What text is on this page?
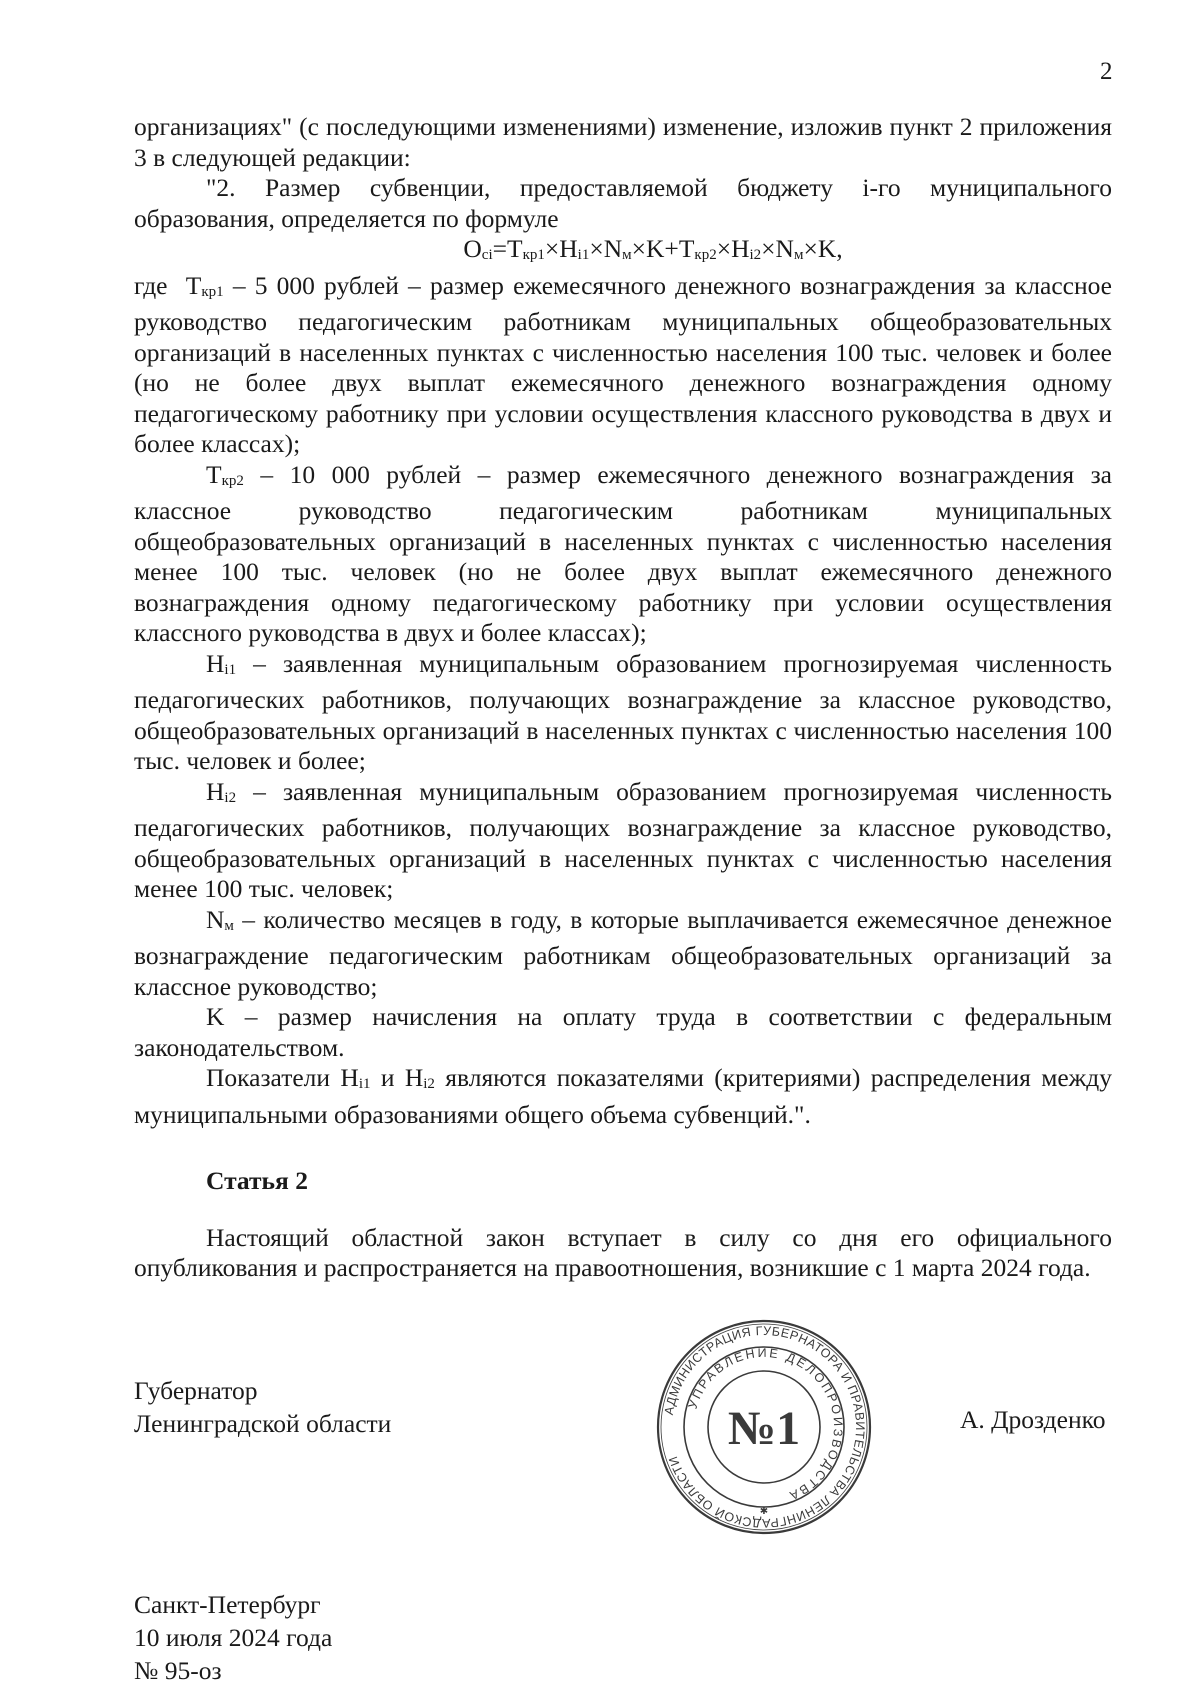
2

организациях" (с последующими изменениями) изменение, изложив пункт 2 приложения 3 в следующей редакции:

"2. Размер субвенции, предоставляемой бюджету i-го муниципального образования, определяется по формуле

Oci=Tкр1×Hi1×Nм×K+Tкр2×Hi2×Nм×K,

где  Tкр1 – 5 000 рублей – размер ежемесячного денежного вознаграждения за классное руководство педагогическим работникам муниципальных общеобразовательных организаций в населенных пунктах с численностью населения 100 тыс. человек и более (но не более двух выплат ежемесячного денежного вознаграждения одному педагогическому работнику при условии осуществления классного руководства в двух и более классах);

Tкр2 – 10 000 рублей – размер ежемесячного денежного вознаграждения за классное руководство педагогическим работникам муниципальных общеобразовательных организаций в населенных пунктах с численностью населения менее 100 тыс. человек (но не более двух выплат ежемесячного денежного вознаграждения одному педагогическому работнику при условии осуществления классного руководства в двух и более классах);

Hi1 – заявленная муниципальным образованием прогнозируемая численность педагогических работников, получающих вознаграждение за классное руководство, общеобразовательных организаций в населенных пунктах с численностью населения 100 тыс. человек и более;

Hi2 – заявленная муниципальным образованием прогнозируемая численность педагогических работников, получающих вознаграждение за классное руководство, общеобразовательных организаций в населенных пунктах с численностью населения менее 100 тыс. человек;

Nм – количество месяцев в году, в которые выплачивается ежемесячное денежное вознаграждение педагогическим работникам общеобразовательных организаций за классное руководство;

K – размер начисления на оплату труда в соответствии с федеральным законодательством.

Показатели Hi1 и Hi2 являются показателями (критериями) распределения между муниципальными образованиями общего объема субвенций.".

Статья 2

Настоящий областной закон вступает в силу со дня его официального опубликования и распространяется на правоотношения, возникшие с 1 марта 2024 года.

Губернатор
Ленинградской области	АДМИНИСТРАЦИЯ ГУБЕРНАТОРА И ПРАВИТЕЛЬСТВА ЛЕНИНГРАДСКОЙ ОБЛАСТИ
УПРАВЛЕНИЕ ДЕЛОПРОИЗВОДСТВА
№1
✱
А. Дрозденко
Санкт-Петербург
10 июля 2024 года
№ 95-оз
